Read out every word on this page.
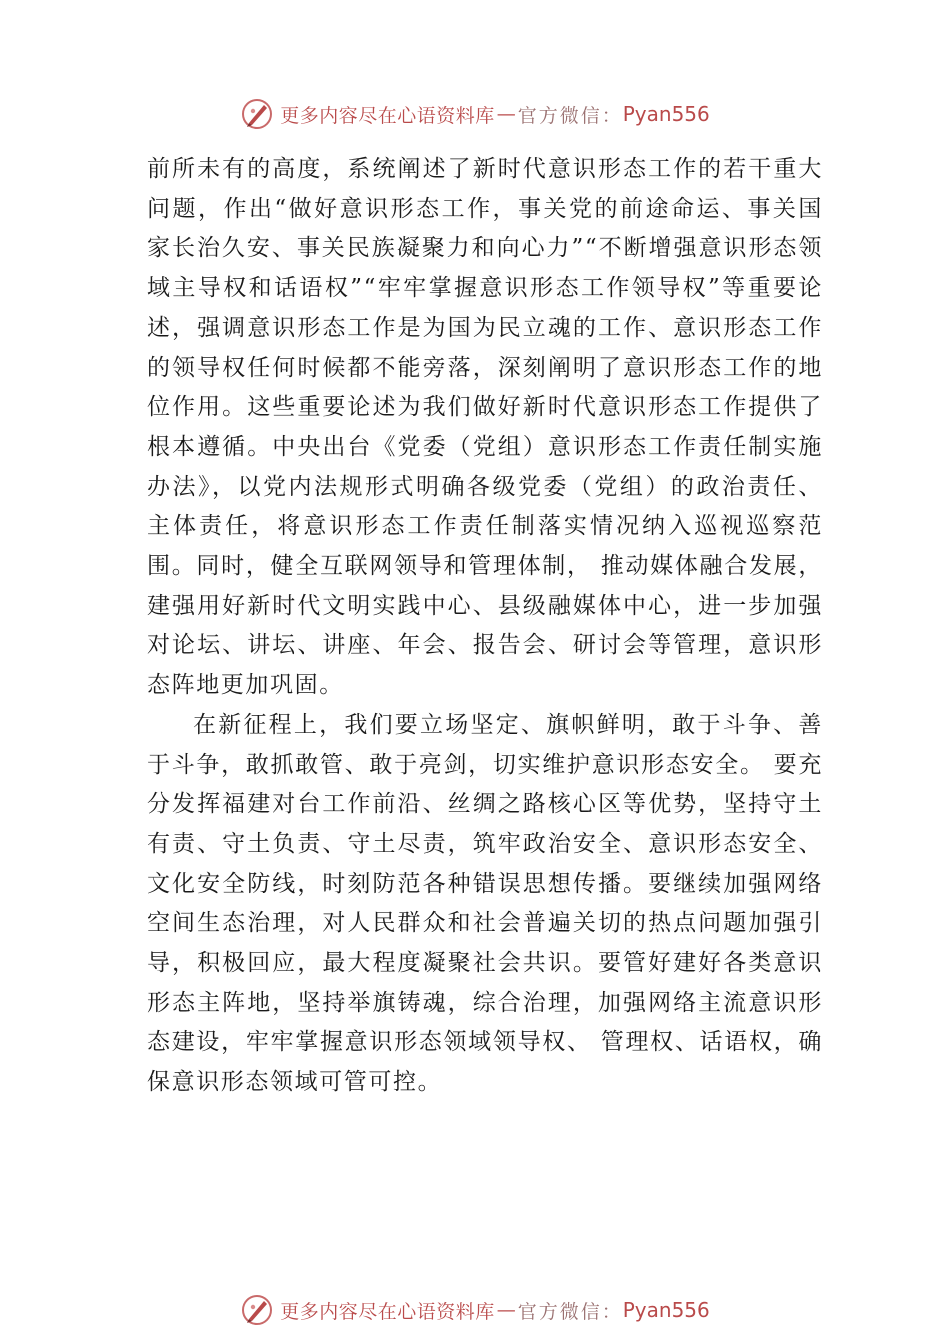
更多内容尽在心语资料库 — 官方微信： Pyan556

前所未有的高度，系统阐述了新时代意识形态工作的若干重大问题，作出“做好意识形态工作，事关党的前途命运、事关国家长治久安、事关民族凝聚力和向心力”“不断增强意识形态领域主导权和话语权”“牢牢掌握意识形态工作领导权”等重要论述，强调意识形态工作是为国为民立魂的工作、意识形态工作的领导权任何时候都不能旁落，深刻阐明了意识形态工作的地位作用。这些重要论述为我们做好新时代意识形态工作提供了根本遵循。中央出台《党委（党组）意识形态工作责任制实施办法》，以党内法规形式明确各级党委（党组）的政治责任、主体责任，将意识形态工作责任制落实情况纳入巡视巡察范围。同时，健全互联网领导和管理体制， 推动媒体融合发展，建强用好新时代文明实践中心、县级融媒体中心，进一步加强对论坛、讲坛、讲座、年会、报告会、研讨会等管理，意识形态阵地更加巩固。

在新征程上，我们要立场坚定、旗帜鲜明，敢于斗争、善于斗争，敢抓敢管、敢于亮剑，切实维护意识形态安全。 要充分发挥福建对台工作前沿、丝绸之路核心区等优势，坚持守土有责、守土负责、守土尽责，筑牢政治安全、意识形态安全、文化安全防线，时刻防范各种错误思想传播。要继续加强网络空间生态治理，对人民群众和社会普遍关切的热点问题加强引导，积极回应，最大程度凝聚社会共识。要管好建好各类意识形态主阵地，坚持举旗铸魂，综合治理，加强网络主流意识形态建设，牢牢掌握意识形态领域领导权、 管理权、话语权，确保意识形态领域可管可控。

更多内容尽在心语资料库 — 官方微信： Pyan556
